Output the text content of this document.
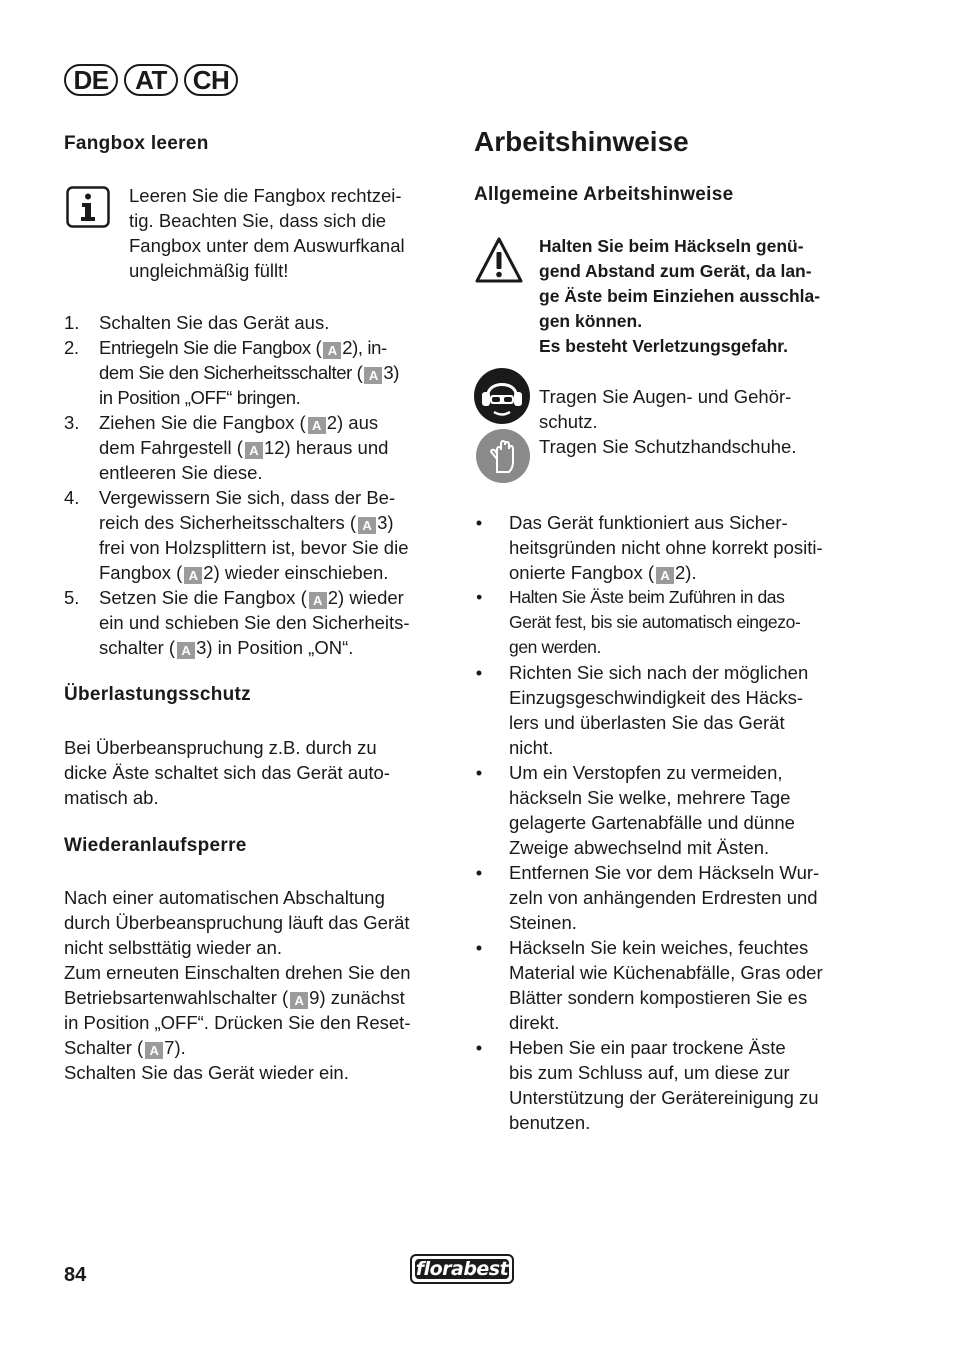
DE	AT CH
Fangbox leeren
Leeren Sie die Fangbox rechtzei-
tig. Beachten Sie, dass sich die
Fangbox unter dem Auswurfkanal
ungleichmäßig füllt!
1. Schalten Sie das Gerät aus.
2. Entriegeln Sie die Fangbox ( A 2), in-
dem Sie den Sicherheitsschalter ( A 3)
in Position „OFF“ bringen.
3. Ziehen Sie die Fangbox ( A 2) aus
dem Fahrgestell ( A 12) heraus und
entleeren Sie diese.
4. Vergewissern Sie sich, dass der Be-
reich des Sicherheitsschalters ( A 3)
frei von Holzsplittern ist, bevor Sie die
Fangbox ( A 2) wieder einschieben.
5. Setzen Sie die Fangbox ( A 2) wieder
ein und schieben Sie den Sicherheits-
schalter ( A 3) in Position „ON“.
Überlastungsschutz
Bei Überbeanspruchung z.B. durch zu
dicke Äste schaltet sich das Gerät auto-
matisch ab.
Wiederanlaufsperre
Nach einer automatischen Abschaltung
durch Überbeanspruchung läuft das Gerät
nicht selbsttätig wieder an.
Zum erneuten Einschalten drehen Sie den
Betriebsartenwahlschalter ( A 9) zunächst
in Position „OFF“. Drücken Sie den Reset-
Schalter ( A 7).
Schalten Sie das Gerät wieder ein.
Arbeitshinweise
Allgemeine Arbeitshinweise
Halten Sie beim Häckseln genü-
gend Abstand zum Gerät, da lan-
ge Äste beim Einziehen ausschla-
gen können.
Es besteht Verletzungsgefahr.
Tragen Sie Augen- und Gehör-
schutz.
Tragen Sie Schutzhandschuhe.
• Das Gerät funktioniert aus Sicher-
heitsgründen nicht ohne korrekt positi-
onierte Fangbox ( A 2).
• Halten Sie Äste beim Zuführen in das
Gerät fest, bis sie automatisch eingezo-
gen werden.
• Richten Sie sich nach der möglichen
Einzugsgeschwindigkeit des Häcks-
lers und überlasten Sie das Gerät
nicht.
• Um ein Verstopfen zu vermeiden,
häckseln Sie welke, mehrere Tage
gelagerte Gartenabfälle und dünne
Zweige abwechselnd mit Ästen.
• Entfernen Sie vor dem Häckseln Wur-
zeln von anhängenden Erdresten und
Steinen.
• Häckseln Sie kein weiches, feuchtes
Material wie Küchenabfälle, Gras oder
Blätter sondern kompostieren Sie es
direkt.
• Heben Sie ein paar trockene Äste
bis zum Schluss auf, um diese zur
Unterstützung der Gerätereinigung zu
benutzen.
84	florabest
